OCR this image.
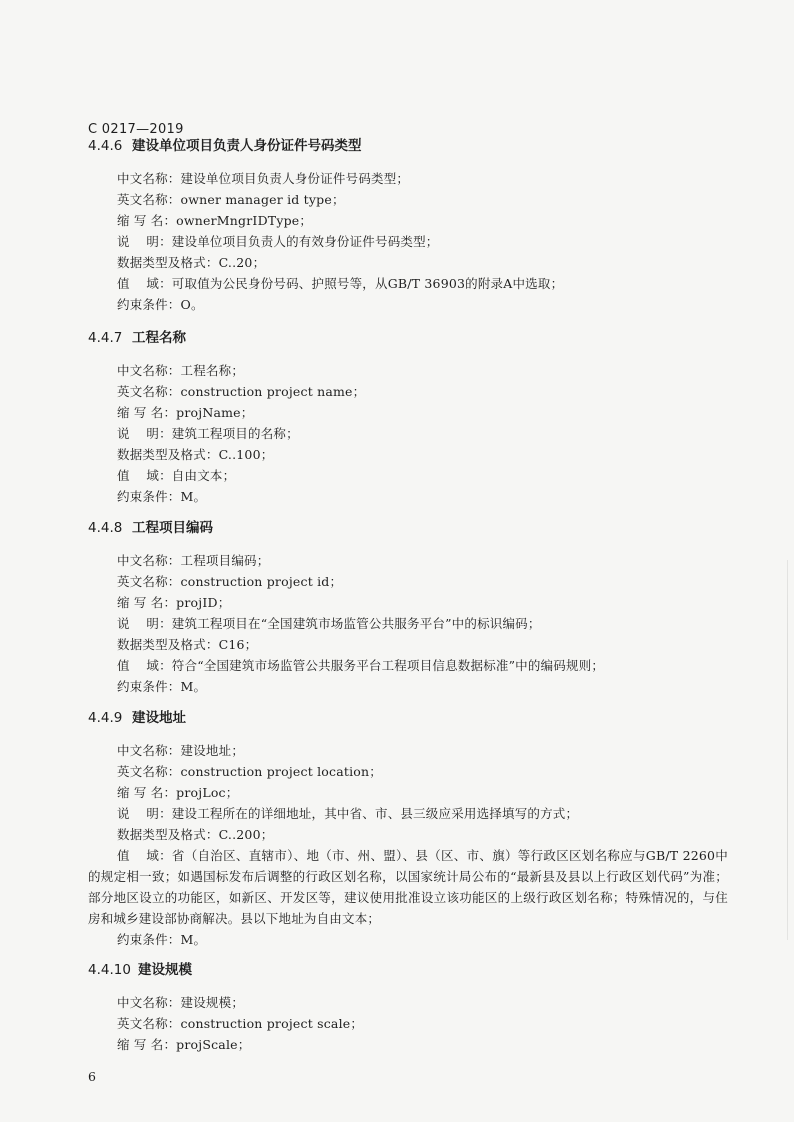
C 0217—2019
4.4.6 建设单位项目负责人身份证件号码类型
中文名称：建设单位项目负责人身份证件号码类型；
英文名称：owner manager id type；
缩 写 名：ownerMngrIDType；
说    明：建设单位项目负责人的有效身份证件号码类型；
数据类型及格式：C..20；
值    域：可取值为公民身份号码、护照号等，从GB/T 36903的附录A中选取；
约束条件：O。
4.4.7 工程名称
中文名称：工程名称；
英文名称：construction project name；
缩 写 名：projName；
说    明：建筑工程项目的名称；
数据类型及格式：C..100；
值    域：自由文本；
约束条件：M。
4.4.8 工程项目编码
中文名称：工程项目编码；
英文名称：construction project id；
缩 写 名：projID；
说    明：建筑工程项目在“全国建筑市场监管公共服务平台”中的标识编码；
数据类型及格式：C16；
值    域：符合“全国建筑市场监管公共服务平台工程项目信息数据标准”中的编码规则；
约束条件：M。
4.4.9 建设地址
中文名称：建设地址；
英文名称：construction project location；
缩 写 名：projLoc；
说    明：建设工程所在的详细地址，其中省、市、县三级应采用选择填写的方式；
数据类型及格式：C..200；
值    域：省（自治区、直辖市）、地（市、州、盟）、县（区、市、旗）等行政区区划名称应与GB/T 2260中的规定相一致；如遇国标发布后调整的行政区划名称，以国家统计局公布的“最新县及县以上行政区划代码”为准；部分地区设立的功能区，如新区、开发区等，建议使用批准设立该功能区的上级行政区划名称；特殊情况的，与住房和城乡建设部协商解决。县以下地址为自由文本；
约束条件：M。
4.4.10 建设规模
中文名称：建设规模；
英文名称：construction project scale；
缩 写 名：projScale；
6
